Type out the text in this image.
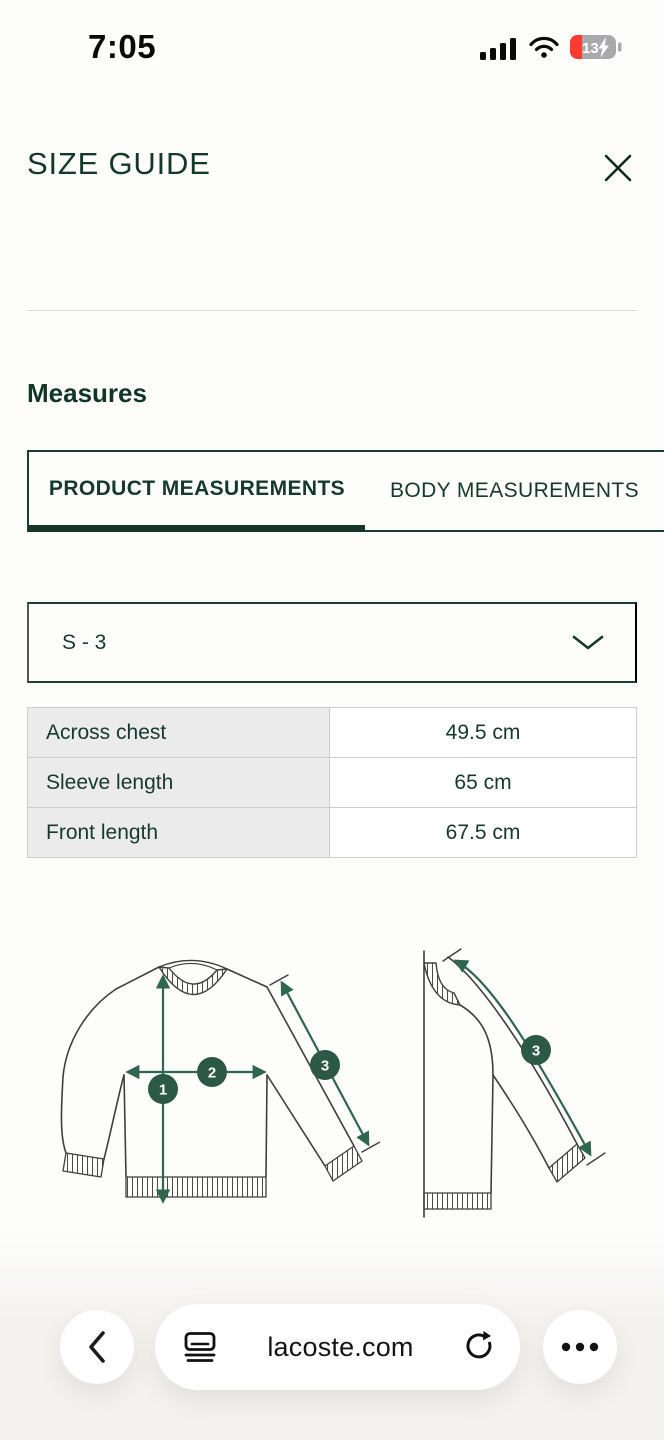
7:05	13
SIZE GUIDE
Measures
PRODUCT MEASUREMENTS	BODY MEASUREMENTS
S - 3
Across chest	49.5 cm
Sleeve length	65 cm
Front length	67.5 cm
1
2	3
3
lacoste.com
